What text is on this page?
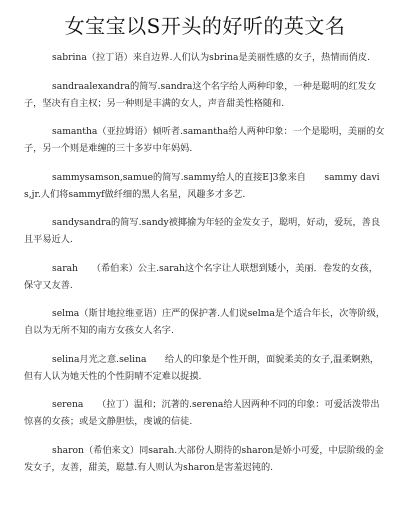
女宝宝以S开头的好听的英文名
sabrina（拉丁语）来自边界.人们认为sbrina是美丽性感的女子，热情而俏皮.
sandraalexandra的简写.sandra这个名字给人两种印象，一种是聪明的红发女子，坚决有自主权；另一种则是丰满的女人，声音甜美性格随和.
samantha（亚拉姆语）倾听者.samantha给人两种印象：一个是聪明，美丽的女子，另一个则是难缠的三十多岁中年妈妈.
sammysamson,samue的简写.sammy给人的直接E]3象来自　　sammy davis,jr.人们将sammyf做纤细的黑人名星，风趣多才多艺.
sandysandra的简写.sandy被揶揄为年轻的金发女子，聪明，好动，爱玩，善良且平易近人.
sarah　　（希伯来）公主.sarah这个名字让人联想到矮小，美丽．卷发的女孩，保守又友善.
selma（斯甘地拉维亚语）庄严的保护著.人们说selma是个适合年长，次等阶级，自以为无所不知的南方女孩女人名字.
selina月光之意.selina　　给人的印象是个性开朗，面貌柔美的女子,温柔婀熟，但有人认为她天性的个性阴晴不定难以捉摸.
serena　　（拉丁）温和；沉著的.serena给人因两种不同的印象：可爱活泼带出惊喜的女孩；或是文静胆怯，虔诚的信徒.
sharon（希伯来文）同sarah.大部份人期待的sharon是娇小可爱，中层阶级的金发女子，友善，甜美，聪慧.有人则认为sharon是害羞迟钝的.
